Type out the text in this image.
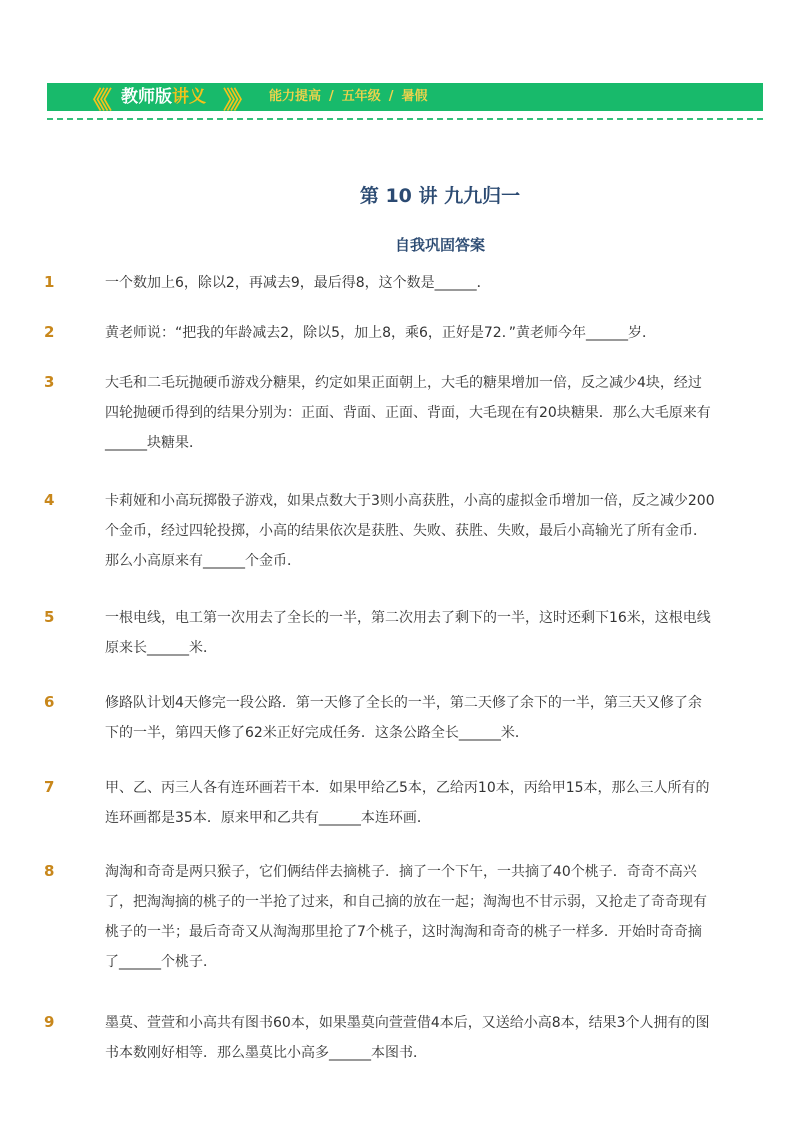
《《 教师版讲义 》》 能力提高 / 五年级 / 暑假
第 10 讲 九九归一
自我巩固答案
1	一个数加上6，除以2，再减去9，最后得8，这个数是______．
2	黄老师说：“把我的年龄减去2，除以5，加上8，乘6，正好是72．”黄老师今年______岁．
3	大毛和二毛玩抛硬币游戏分糖果，约定如果正面朝上，大毛的糖果增加一倍，反之减少4块，经过四轮抛硬币得到的结果分别为：正面、背面、正面、背面，大毛现在有20块糖果．那么大毛原来有______块糖果．
4	卡莉娅和小高玩掷骰子游戏，如果点数大于3则小高获胜，小高的虚拟金币增加一倍，反之减少200个金币，经过四轮投掷，小高的结果依次是获胜、失败、获胜、失败，最后小高输光了所有金币．那么小高原来有______个金币．
5	一根电线，电工第一次用去了全长的一半，第二次用去了剩下的一半，这时还剩下16米，这根电线原来长______米．
6	修路队计划4天修完一段公路．第一天修了全长的一半，第二天修了余下的一半，第三天又修了余下的一半，第四天修了62米正好完成任务．这条公路全长______米．
7	甲、乙、丙三人各有连环画若干本．如果甲给乙5本，乙给丙10本，丙给甲15本，那么三人所有的连环画都是35本．原来甲和乙共有______本连环画．
8	淘淘和奇奇是两只猴子，它们俩结伴去摘桃子．摘了一个下午，一共摘了40个桃子．奇奇不高兴了，把淘淘摘的桃子的一半抢了过来，和自己摘的放在一起；淘淘也不甘示弱，又抢走了奇奇现有桃子的一半；最后奇奇又从淘淘那里抢了7个桃子，这时淘淘和奇奇的桃子一样多．开始时奇奇摘了______个桃子．
9	墨莫、萱萱和小高共有图书60本，如果墨莫向萱萱借4本后，又送给小高8本，结果3个人拥有的图书本数刚好相等．那么墨莫比小高多______本图书．
